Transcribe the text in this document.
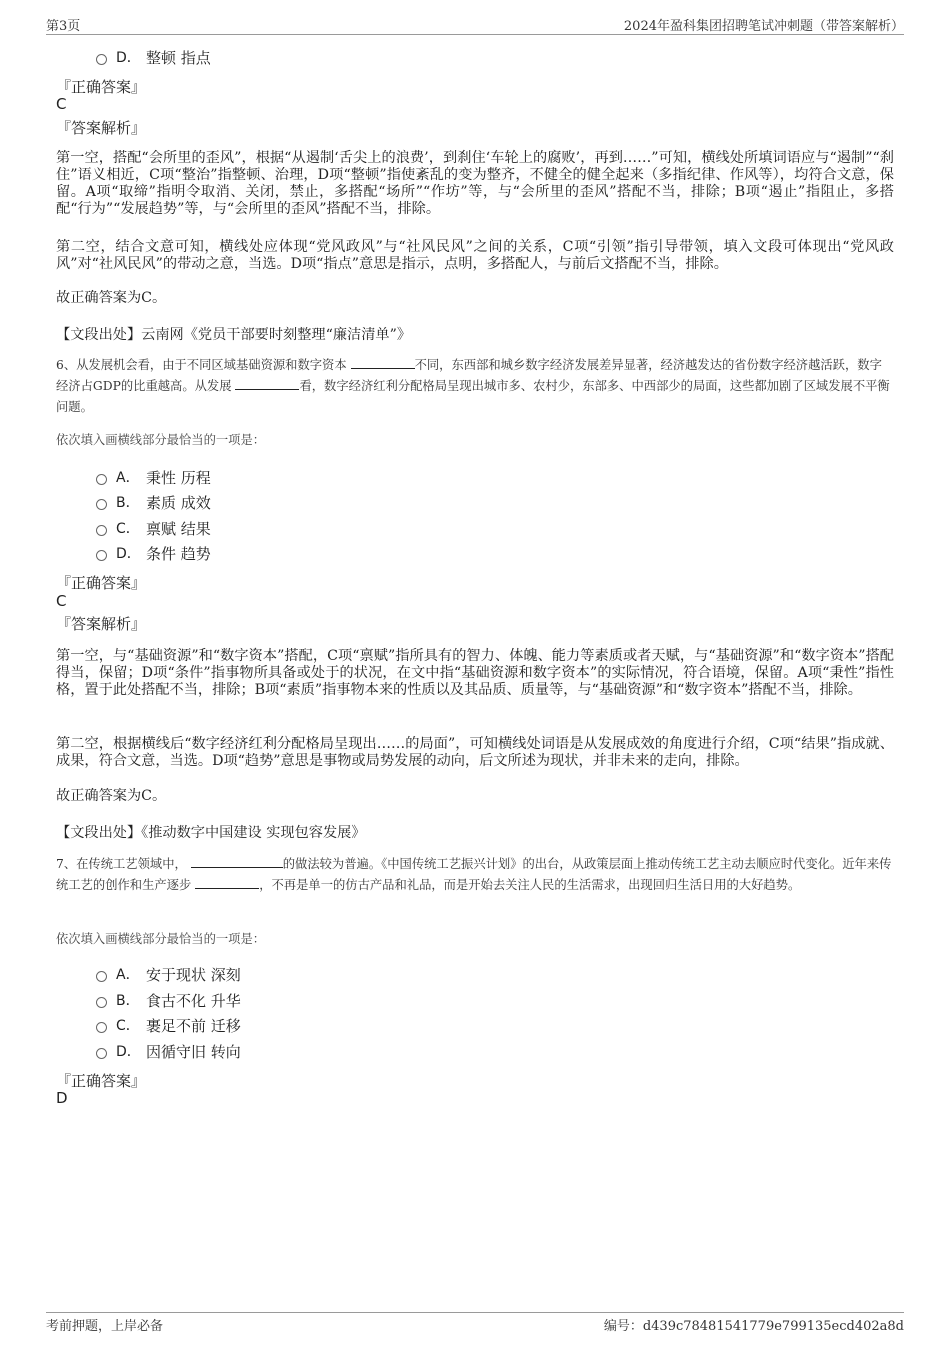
第3页	2024年盈科集团招聘笔试冲刺题（带答案解析）
D． 整顿 指点
『正确答案』
C
『答案解析』
第一空，搭配“会所里的歪风”，根据“从遏制‘舌尖上的浪费’，到刹住‘车轮上的腐败’，再到……”可知，横线处所填词语应与“遏制”“刹住”语义相近，C项“整治”指整顿、治理，D项“整顿”指使紊乱的变为整齐，不健全的健全起来（多指纪律、作风等），均符合文意，保留。A项“取缔”指明令取消、关闭，禁止，多搭配“场所”“作坊”等，与“会所里的歪风”搭配不当，排除；B项“遏止”指阻止，多搭配“行为”“发展趋势”等，与“会所里的歪风”搭配不当，排除。
第二空，结合文意可知，横线处应体现“党风政风”与“社风民风”之间的关系，C项“引领”指引导带领，填入文段可体现出“党风政风”对“社风民风”的带动之意，当选。D项“指点”意思是指示，点明，多搭配人，与前后文搭配不当，排除。
故正确答案为C。
【文段出处】云南网《党员干部要时刻整理“廉洁清单”》
6、从发展机会看，由于不同区域基础资源和数字资本	不同，东西部和城乡数字经济发展差异显著，经济越发达的省份数字经济越活跃，数字经济占GDP的比重越高。从发展	看，数字经济红利分配格局呈现出城市多、农村少，东部多、中西部少的局面，这些都加剧了区域发展不平衡问题。
依次填入画横线部分最恰当的一项是：
A． 秉性 历程
B． 素质 成效
C． 禀赋 结果
D． 条件 趋势
『正确答案』
C
『答案解析』
第一空，与“基础资源”和“数字资本”搭配，C项“禀赋”指所具有的智力、体魄、能力等素质或者天赋，与“基础资源”和“数字资本”搭配得当，保留；D项“条件”指事物所具备或处于的状况，在文中指“基础资源和数字资本”的实际情况，符合语境，保留。A项“秉性”指性格，置于此处搭配不当，排除；B项“素质”指事物本来的性质以及其品质、质量等，与“基础资源”和“数字资本”搭配不当，排除。
第二空，根据横线后“数字经济红利分配格局呈现出……的局面”，可知横线处词语是从发展成效的角度进行介绍，C项“结果”指成就、成果，符合文意，当选。D项“趋势”意思是事物或局势发展的动向，后文所述为现状，并非未来的走向，排除。
故正确答案为C。
【文段出处】《推动数字中国建设 实现包容发展》
7、在传统工艺领域中，	的做法较为普遍。《中国传统工艺振兴计划》的出台，从政策层面上推动传统工艺主动去顺应时代变化。近年来传统工艺的创作和生产逐步	，不再是单一的仿古产品和礼品，而是开始去关注人民的生活需求，出现回归生活日用的大好趋势。
依次填入画横线部分最恰当的一项是：
A． 安于现状 深刻
B． 食古不化 升华
C． 裹足不前 迁移
D． 因循守旧 转向
『正确答案』
D
考前押题，上岸必备	编号：d439c78481541779e799135ecd402a8d
